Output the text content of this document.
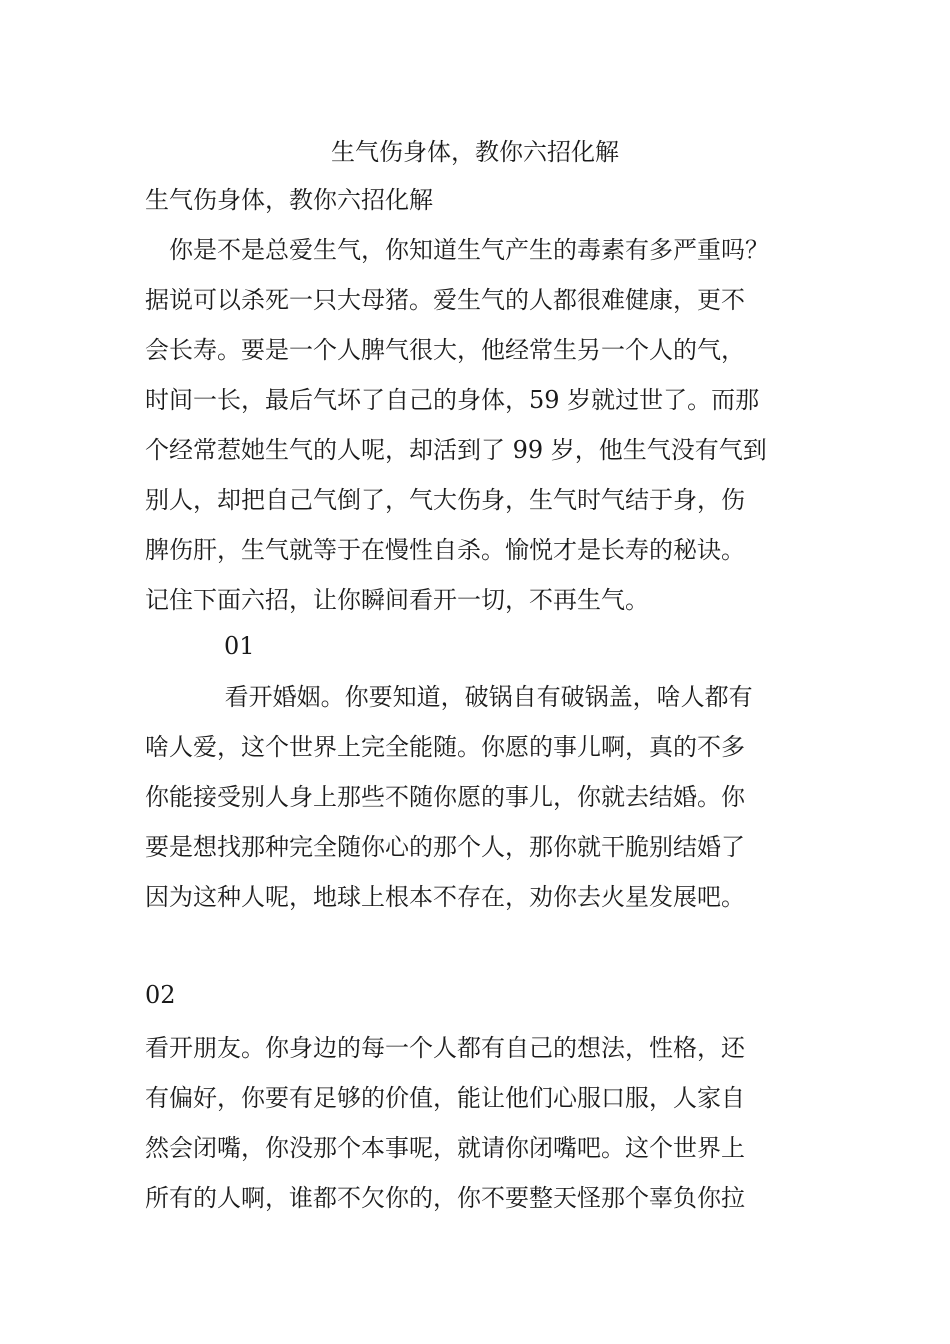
生气伤身体，教你六招化解

生气伤身体，教你六招化解

　你是不是总爱生气，你知道生气产生的毒素有多严重吗？
据说可以杀死一只大母猪。爱生气的人都很难健康，更不
会长寿。要是一个人脾气很大，他经常生另一个人的气，
时间一长，最后气坏了自己的身体，59 岁就过世了。而那
个经常惹她生气的人呢，却活到了 99 岁，他生气没有气到
别人，却把自己气倒了，气大伤身，生气时气结于身，伤
脾伤肝，生气就等于在慢性自杀。愉悦才是长寿的秘诀。
记住下面六招，让你瞬间看开一切，不再生气。

01

　　　 看开婚姻。你要知道，破锅自有破锅盖，啥人都有
啥人爱，这个世界上完全能随。你愿的事儿啊，真的不多
你能接受别人身上那些不随你愿的事儿，你就去结婚。你
要是想找那种完全随你心的那个人，那你就干脆别结婚了
因为这种人呢，地球上根本不存在，劝你去火星发展吧。

02

看开朋友。你身边的每一个人都有自己的想法，性格，还
有偏好，你要有足够的价值，能让他们心服口服，人家自
然会闭嘴，你没那个本事呢，就请你闭嘴吧。这个世界上
所有的人啊，谁都不欠你的，你不要整天怪那个辜负你拉
